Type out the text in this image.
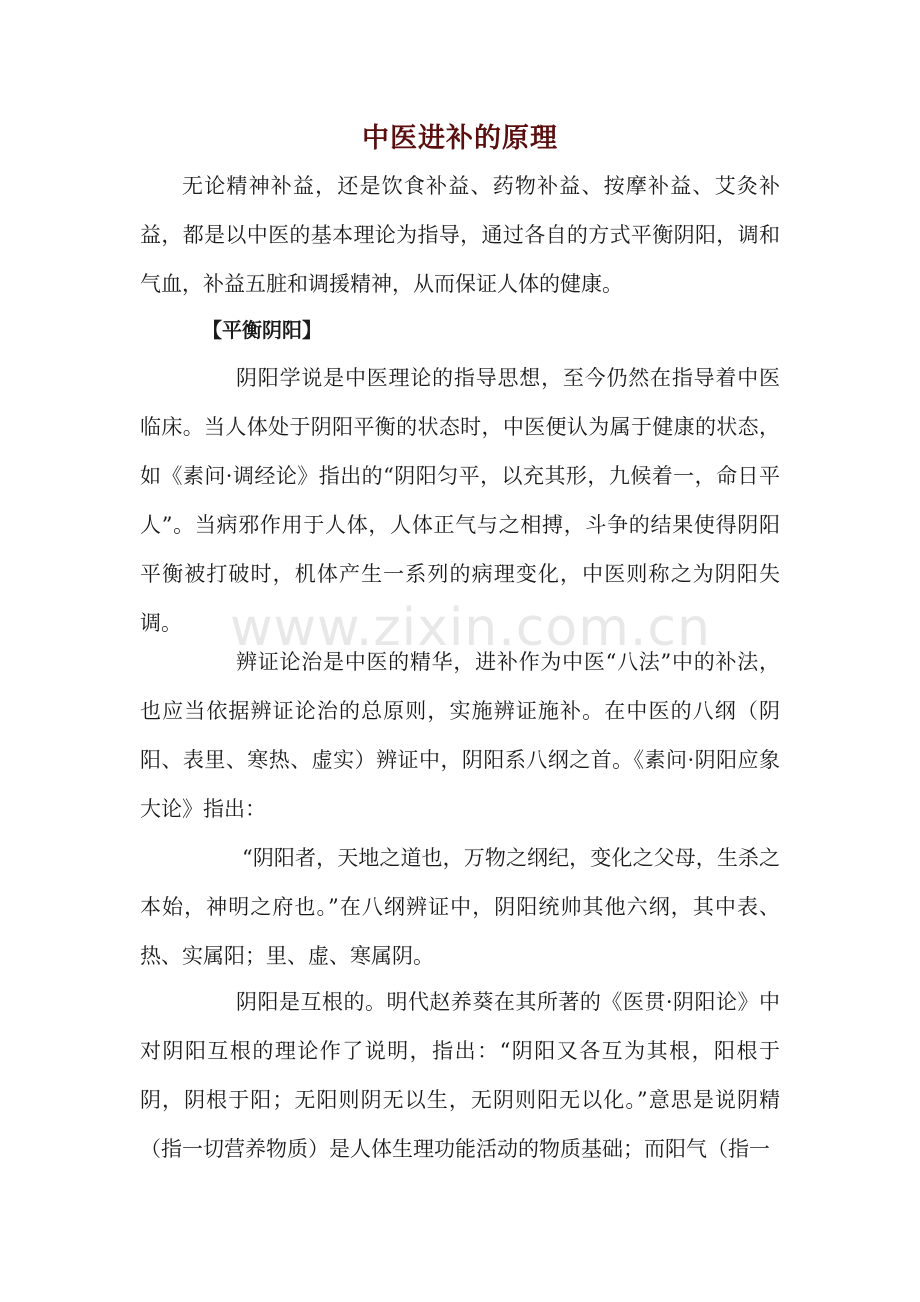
中医进补的原理

无论精神补益，还是饮食补益、药物补益、按摩补益、艾灸补益，都是以中医的基本理论为指导，通过各自的方式平衡阴阳，调和气血，补益五脏和调援精神，从而保证人体的健康。

【平衡阴阳】

阴阳学说是中医理论的指导思想，至今仍然在指导着中医临床。当人体处于阴阳平衡的状态时，中医便认为属于健康的状态，如《素问·调经论》指出的“阴阳匀平，以充其形，九候着一，命日平人”。当病邪作用于人体，人体正气与之相搏，斗争的结果使得阴阳平衡被打破时，机体产生一系列的病理变化，中医则称之为阴阳失调。

辨证论治是中医的精华，进补作为中医“八法”中的补法，也应当依据辨证论治的总原则，实施辨证施补。在中医的八纲（阴阳、表里、寒热、虚实）辨证中，阴阳系八纲之首。《素问·阴阳应象大论》指出：

“阴阳者，天地之道也，万物之纲纪，变化之父母，生杀之本始，神明之府也。”在八纲辨证中，阴阳统帅其他六纲，其中表、热、实属阳；里、虚、寒属阴。

阴阳是互根的。明代赵养葵在其所著的《医贯·阴阳论》中对阴阳互根的理论作了说明，指出：“阴阳又各互为其根，阳根于阴，阴根于阳；无阳则阴无以生，无阴则阳无以化。”意思是说阴精（指一切营养物质）是人体生理功能活动的物质基础；而阳气（指一

www.zixin.com.cn
